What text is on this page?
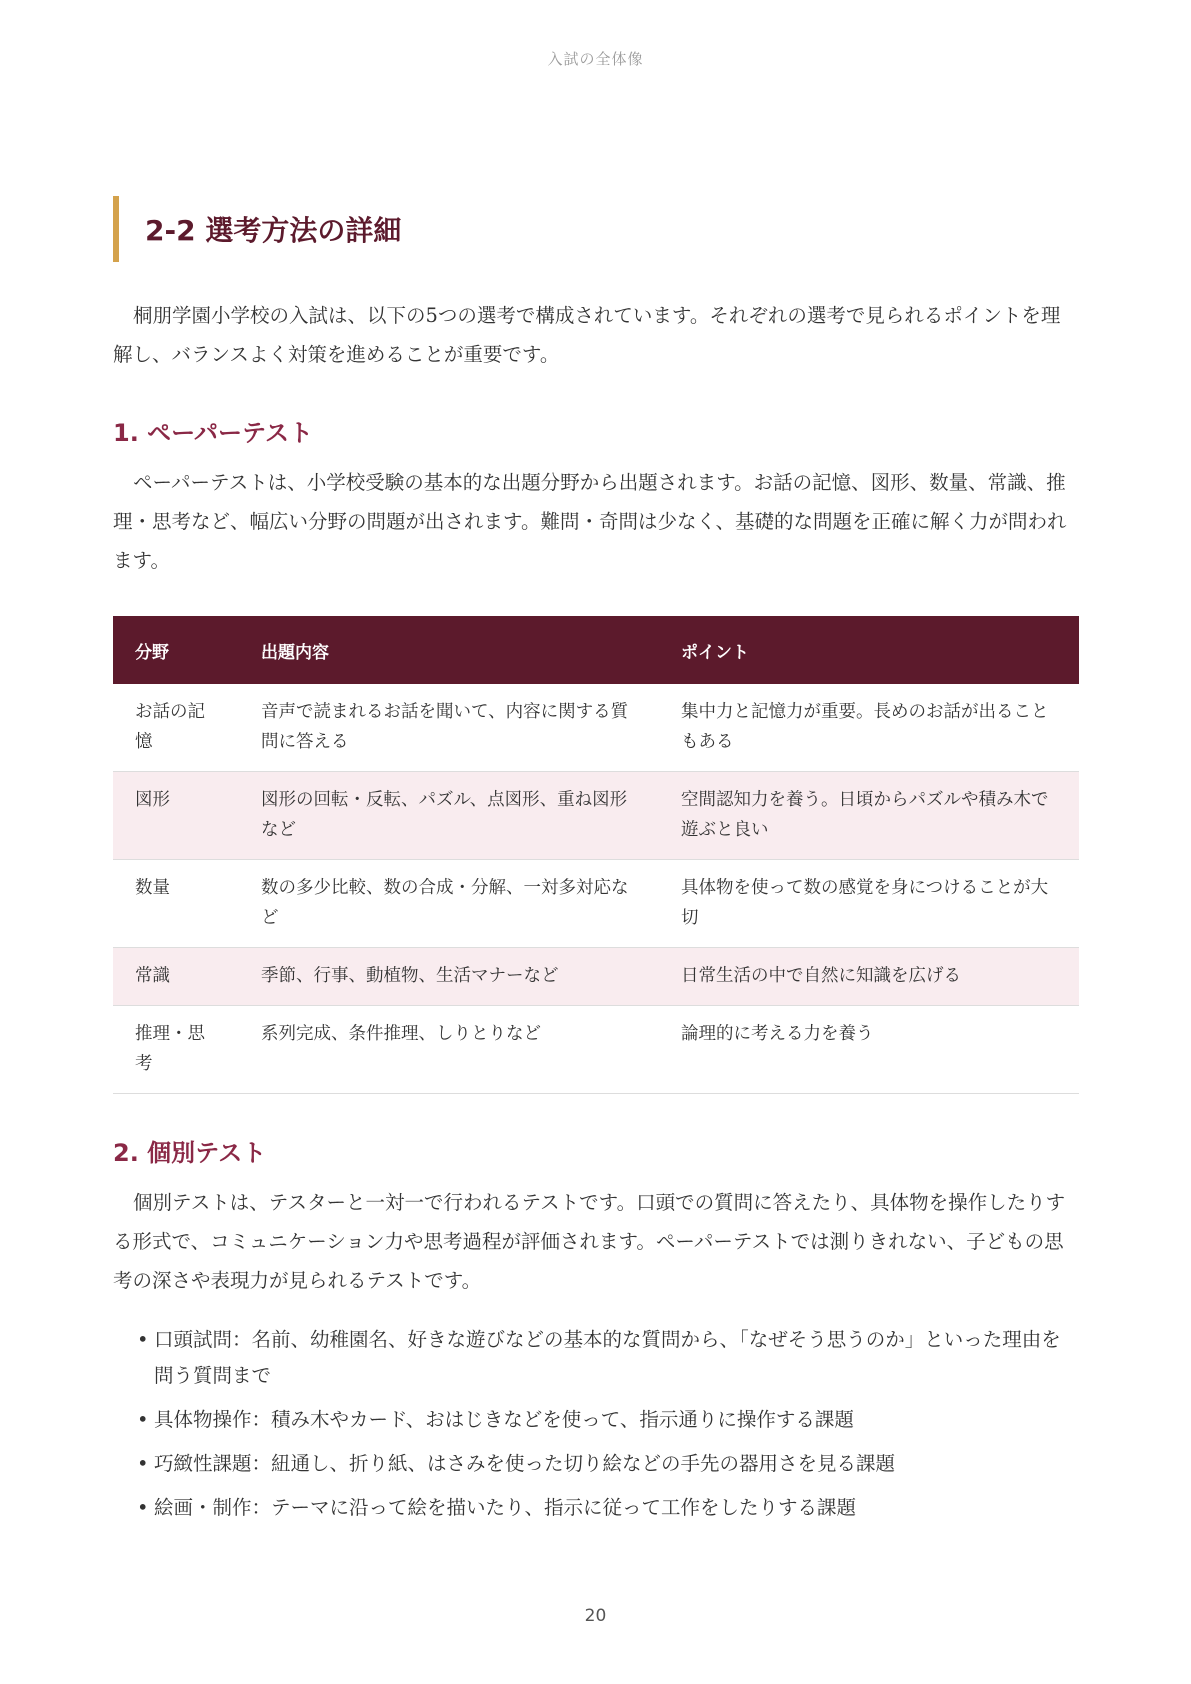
入試の全体像
2-2 選考方法の詳細

桐朋学園小学校の入試は、以下の5つの選考で構成されています。それぞれの選考で見られるポイントを理解し、バランスよく対策を進めることが重要です。

1. ペーパーテスト

ペーパーテストは、小学校受験の基本的な出題分野から出題されます。お話の記憶、図形、数量、常識、推理・思考など、幅広い分野の問題が出されます。難問・奇問は少なく、基礎的な問題を正確に解く力が問われます。

分野	出題内容	ポイント
お話の記憶	音声で読まれるお話を聞いて、内容に関する質問に答える	集中力と記憶力が重要。長めのお話が出ることもある
図形	図形の回転・反転、パズル、点図形、重ね図形など	空間認知力を養う。日頃からパズルや積み木で遊ぶと良い
数量	数の多少比較、数の合成・分解、一対多対応など	具体物を使って数の感覚を身につけることが大切
常識	季節、行事、動植物、生活マナーなど	日常生活の中で自然に知識を広げる
推理・思考	系列完成、条件推理、しりとりなど	論理的に考える力を養う
2. 個別テスト

個別テストは、テスターと一対一で行われるテストです。口頭での質問に答えたり、具体物を操作したりする形式で、コミュニケーション力や思考過程が評価されます。ペーパーテストでは測りきれない、子どもの思考の深さや表現力が見られるテストです。

• 口頭試問：名前、幼稚園名、好きな遊びなどの基本的な質問から、「なぜそう思うのか」といった理由を問う質問まで
• 具体物操作：積み木やカード、おはじきなどを使って、指示通りに操作する課題
• 巧緻性課題：紐通し、折り紙、はさみを使った切り絵などの手先の器用さを見る課題
• 絵画・制作：テーマに沿って絵を描いたり、指示に従って工作をしたりする課題
20
